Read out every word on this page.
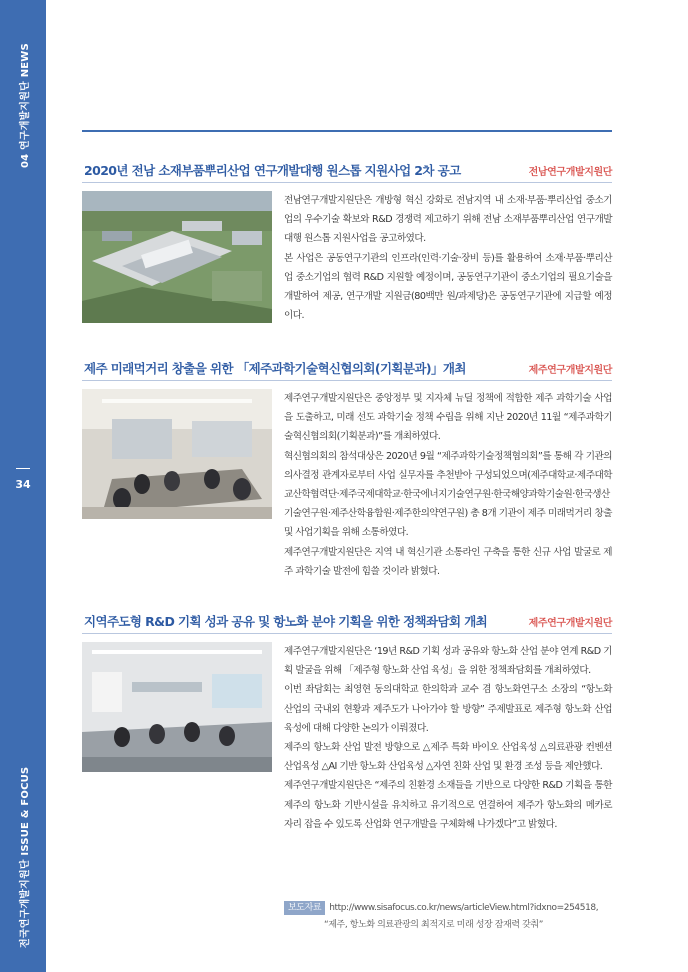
04 연구개발지원단 NEWS
34
전국연구개발지원단 ISSUE & FOCUS
2020년 전남 소재부품뿌리산업 연구개발대행 원스톱 지원사업 2차 공고	전남연구개발지원단

전남연구개발지원단은 개방형 혁신 강화로 전남지역 내 소재·부품·뿌리산업 중소기업의 우수기술 확보와 R&D 경쟁력 제고하기 위해 전남 소재부품뿌리산업 연구개발대행 원스톱 지원사업을 공고하였다.

본 사업은 공동연구기관의 인프라(인력·기술·장비 등)를 활용하여 소재·부품·뿌리산업 중소기업의 협력 R&D 지원할 예정이며, 공동연구기관이 중소기업의 필요기술을 개발하여 제공, 연구개발 지원금(80백만 원/과제당)은 공동연구기관에 지급할 예정이다.

제주 미래먹거리 창출을 위한 「제주과학기술혁신협의회(기획분과)」개최	제주연구개발지원단

제주연구개발지원단은 중앙정부 및 지자체 뉴딜 정책에 적합한 제주 과학기술 사업을 도출하고, 미래 선도 과학기술 정책 수립을 위해 지난 2020년 11월 “제주과학기술혁신협의회(기획분과)”를 개최하였다.

혁신협의회의 참석대상은 2020년 9월 “제주과학기술정책협의회”를 통해 각 기관의 의사결정 관계자로부터 사업 실무자를 추천받아 구성되었으며(제주대학교·제주대학교산학협력단·제주국제대학교·한국에너지기술연구원·한국해양과학기술원·한국생산기술연구원·제주산학융합원·제주한의약연구원) 총 8개 기관이 제주 미래먹거리 창출 및 사업기획을 위해 소통하였다.

제주연구개발지원단은 지역 내 혁신기관 소통라인 구축을 통한 신규 사업 발굴로 제주 과학기술 발전에 힘쓸 것이라 밝혔다.

지역주도형 R&D 기획 성과 공유 및 항노화 분야 기획을 위한 정책좌담회 개최	제주연구개발지원단

제주연구개발지원단은 ‘19년 R&D 기획 성과 공유와 항노화 산업 분야 연계 R&D 기획 발굴을 위해 「제주형 항노화 산업 육성」을 위한 정책좌담회를 개최하였다.

이번 좌담회는 최영현 동의대학교 한의학과 교수 겸 항노화연구소 소장의 “항노화 산업의 국내외 현황과 제주도가 나아가야 할 방향” 주제발표로 제주형 항노화 산업육성에 대해 다양한 논의가 이뤄졌다.

제주의 항노화 산업 발전 방향으로 △제주 특화 바이오 산업육성 △의료관광 컨벤션 산업육성 △AI 기반 항노화 산업육성 △자연 친화 산업 및 환경 조성 등을 제안했다.

제주연구개발지원단은 “제주의 친환경 소재들을 기반으로 다양한 R&D 기획을 통한 제주의 항노화 기반시설을 유치하고 유기적으로 연결하여 제주가 항노화의 메카로 자리 잡을 수 있도록 산업화 연구개발을 구체화해 나가겠다”고 밝혔다.

보도자료 http://www.sisafocus.co.kr/news/articleView.html?idxno=254518,
“제주, 항노화 의료관광의 최적지로 미래 성장 잠재력 갖춰”
